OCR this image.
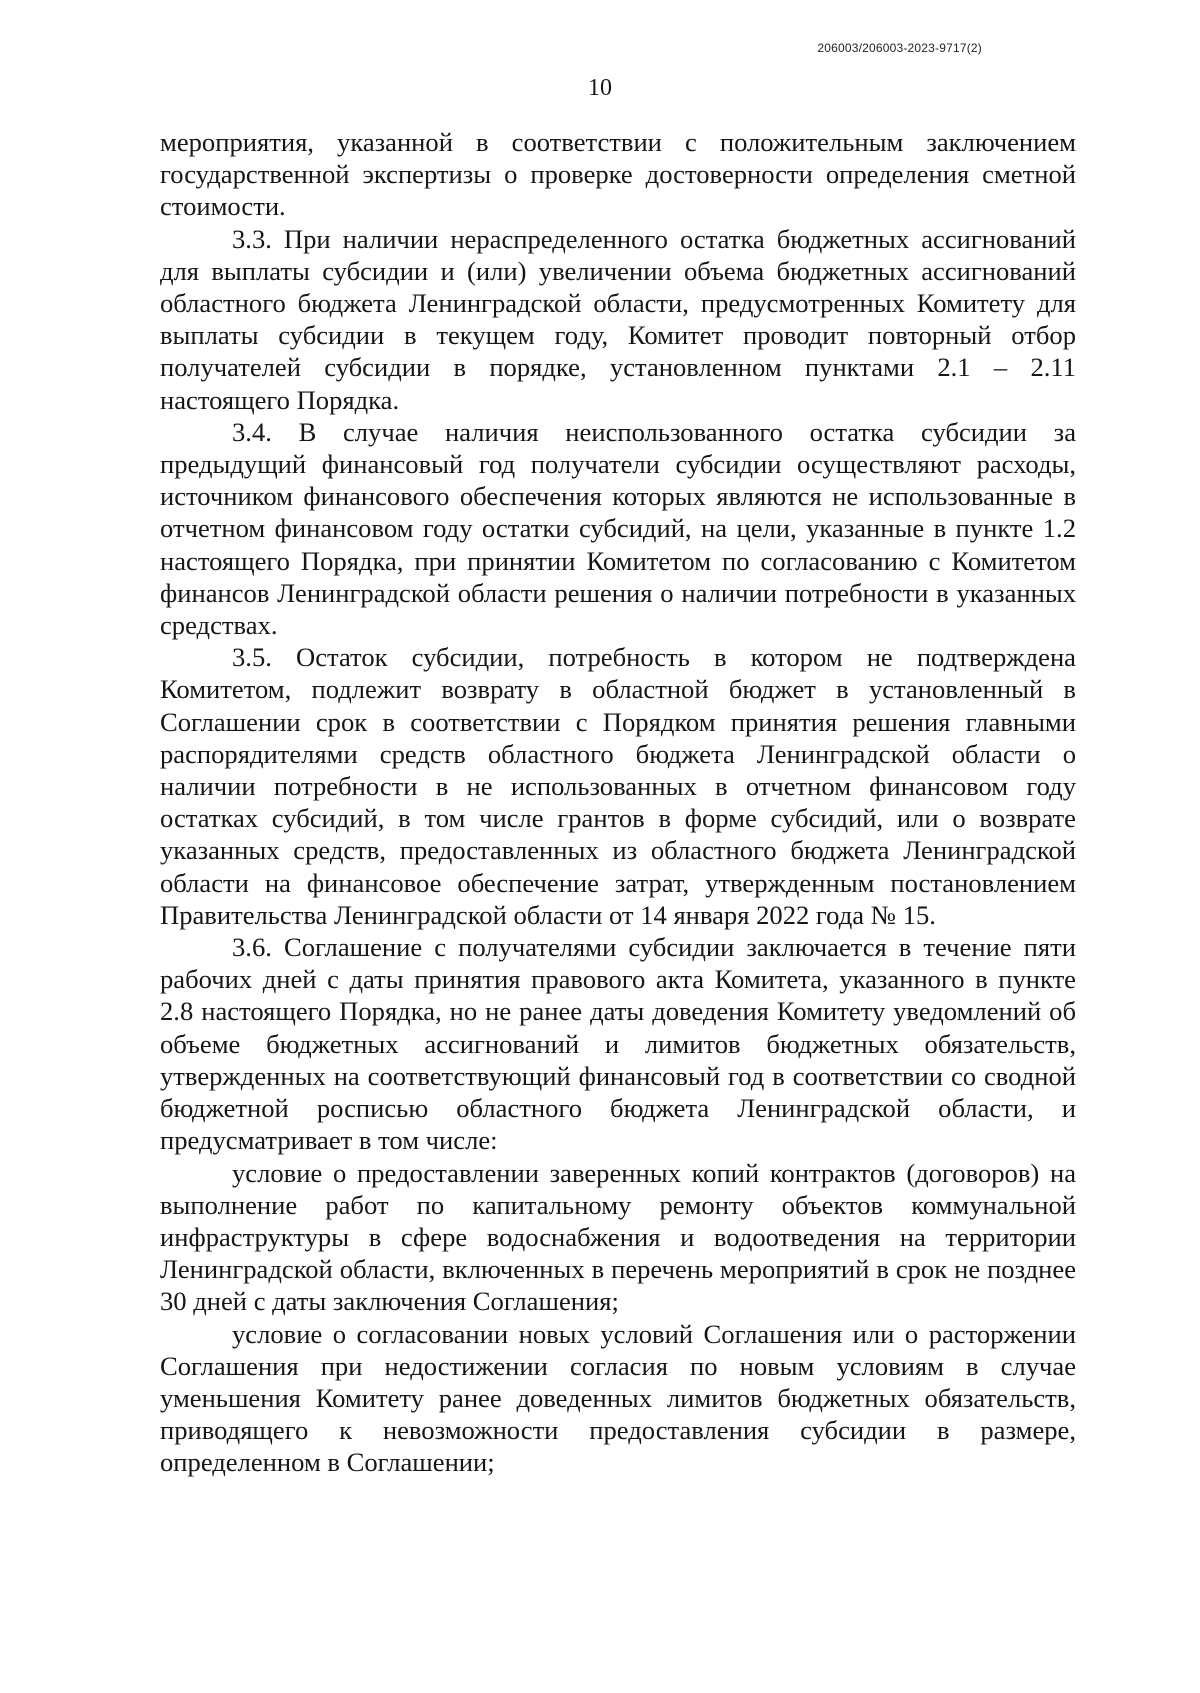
206003/206003-2023-9717(2)
10

мероприятия, указанной в соответствии с положительным заключением государственной экспертизы о проверке достоверности определения сметной стоимости.

3.3. При наличии нераспределенного остатка бюджетных ассигнований для выплаты субсидии и (или) увеличении объема бюджетных ассигнований областного бюджета Ленинградской области, предусмотренных Комитету для выплаты субсидии в текущем году, Комитет проводит повторный отбор получателей субсидии в порядке, установленном пунктами 2.1 – 2.11 настоящего Порядка.

3.4. В случае наличия неиспользованного остатка субсидии за предыдущий финансовый год получатели субсидии осуществляют расходы, источником финансового обеспечения которых являются не использованные в отчетном финансовом году остатки субсидий, на цели, указанные в пункте 1.2 настоящего Порядка, при принятии Комитетом по согласованию с Комитетом финансов Ленинградской области решения о наличии потребности в указанных средствах.

3.5. Остаток субсидии, потребность в котором не подтверждена Комитетом, подлежит возврату в областной бюджет в установленный в Соглашении срок в соответствии с Порядком принятия решения главными распорядителями средств областного бюджета Ленинградской области о наличии потребности в не использованных в отчетном финансовом году остатках субсидий, в том числе грантов в форме субсидий, или о возврате указанных средств, предоставленных из областного бюджета Ленинградской области на финансовое обеспечение затрат, утвержденным постановлением Правительства Ленинградской области от 14 января 2022 года № 15.

3.6. Соглашение с получателями субсидии заключается в течение пяти рабочих дней с даты принятия правового акта Комитета, указанного в пункте 2.8 настоящего Порядка, но не ранее даты доведения Комитету уведомлений об объеме бюджетных ассигнований и лимитов бюджетных обязательств, утвержденных на соответствующий финансовый год в соответствии со сводной бюджетной росписью областного бюджета Ленинградской области, и предусматривает в том числе:

условие о предоставлении заверенных копий контрактов (договоров) на выполнение работ по капитальному ремонту объектов коммунальной инфраструктуры в сфере водоснабжения и водоотведения на территории Ленинградской области, включенных в перечень мероприятий в срок не позднее 30 дней с даты заключения Соглашения;

условие о согласовании новых условий Соглашения или о расторжении Соглашения при недостижении согласия по новым условиям в случае уменьшения Комитету ранее доведенных лимитов бюджетных обязательств, приводящего к невозможности предоставления субсидии в размере, определенном в Соглашении;
